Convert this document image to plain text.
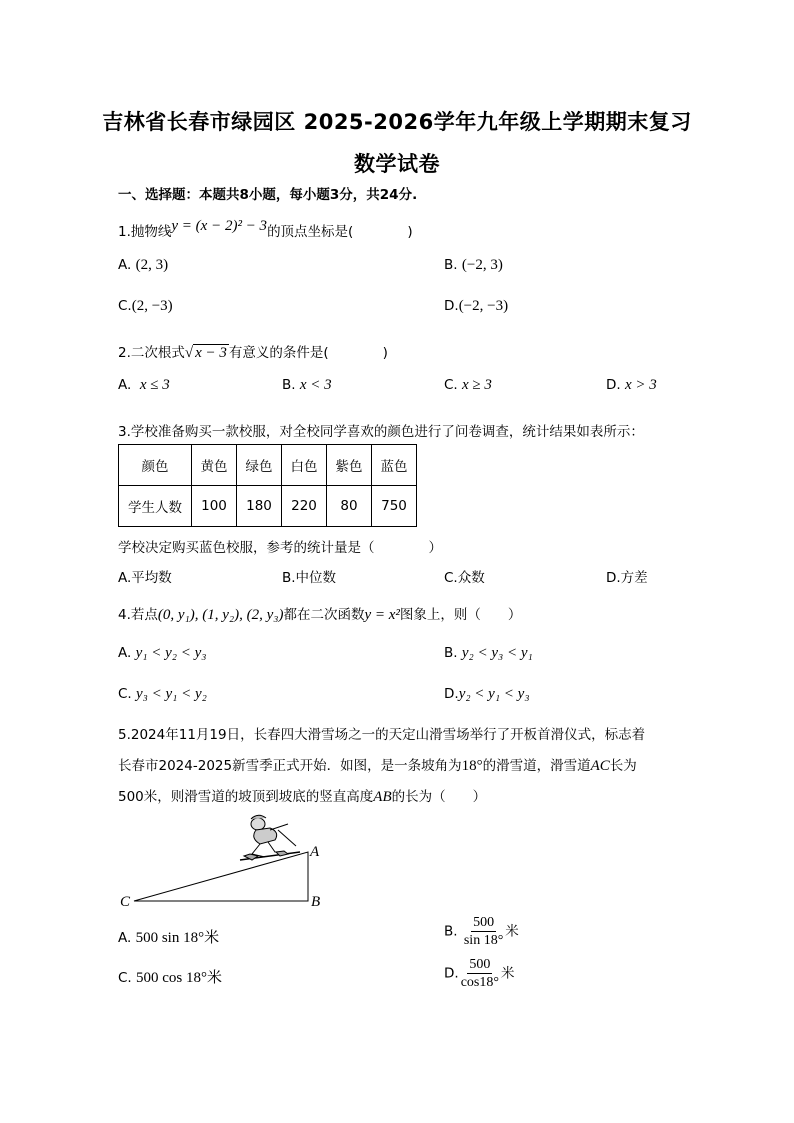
吉林省长春市绿园区 2025-2026学年九年级上学期期末复习
数学试卷
一、选择题：本题共8小题，每小题3分，共24分.
1.抛物线y = (x − 2)² − 3的顶点坐标是(　　　　)
A. (2, 3)	B. (−2, 3)
C.(2, −3)	D.(−2, −3)
2.二次根式√ x − 3 有意义的条件是(　　　　)
A. x ≤ 3	B. x < 3	C. x ≥ 3	D. x > 3
3.学校准备购买一款校服，对全校同学喜欢的颜色进行了问卷调查，统计结果如表所示：
颜色	黄色	绿色	白色	紫色	蓝色
学生人数	100	180	220	80	750
学校决定购买蓝色校服，参考的统计量是（　　　　）
A.平均数	B.中位数	C.众数	D.方差
4.若点(0, y₁), (1, y₂), (2, y₃)都在二次函数y = x²图象上，则（　　）
A. y₁ < y₂ < y₃	B. y₂ < y₃ < y₁
C. y₃ < y₁ < y₂	D.y₂ < y₁ < y₃
5.2024年11月19日，长春四大滑雪场之一的天定山滑雪场举行了开板首滑仪式，标志着
长春市2024-2025新雪季正式开始．如图，是一条坡角为18°的滑雪道，滑雪道AC长为
500米，则滑雪道的坡顶到坡底的竖直高度AB的长为（　　）
A
B
C
A. 500 sin 18°米	B. $\frac{500}{\sin 18^\circ}$ 米
C. 500 cos 18°米	D. $\frac{500}{\cos 18^\circ}$ 米
